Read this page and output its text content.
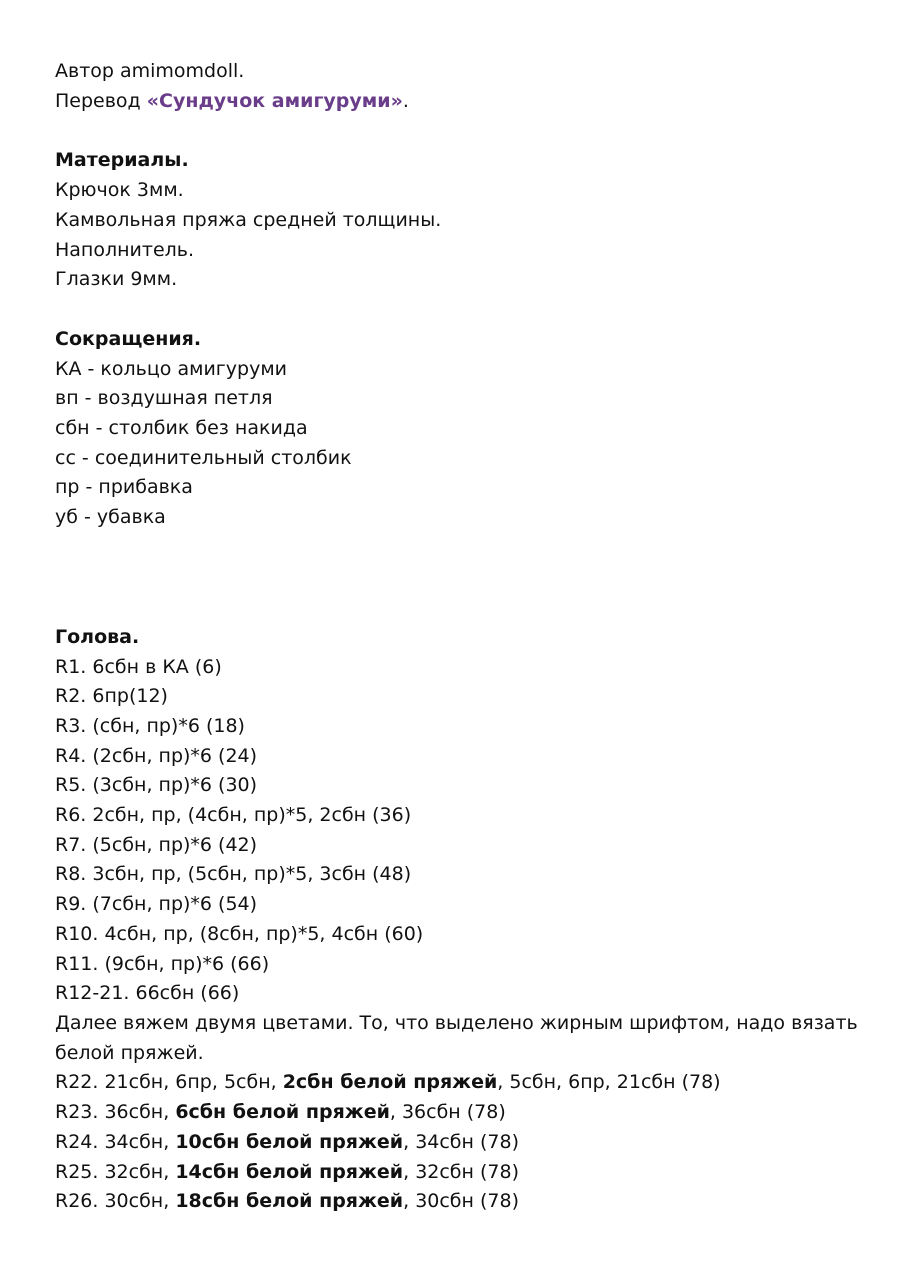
Автор amimomdoll.

Перевод «Сундучок амигуруми».

Материалы.

Крючок 3мм.

Камвольная пряжа средней толщины.

Наполнитель.

Глазки 9мм.

Сокращения.

КА - кольцо амигуруми

вп - воздушная петля

сбн - столбик без накида

сс - соединительный столбик

пр - прибавка

уб - убавка

Голова.

R1. 6сбн в КА (6)

R2. 6пр(12)

R3. (сбн, пр)*6 (18)

R4. (2сбн, пр)*6 (24)

R5. (3сбн, пр)*6 (30)

R6. 2сбн, пр, (4сбн, пр)*5, 2сбн (36)

R7. (5сбн, пр)*6 (42)

R8. 3сбн, пр, (5сбн, пр)*5, 3сбн (48)

R9. (7сбн, пр)*6 (54)

R10. 4сбн, пр, (8сбн, пр)*5, 4сбн (60)

R11. (9сбн, пр)*6 (66)

R12-21. 66сбн (66)

Далее вяжем двумя цветами. То, что выделено жирным шрифтом, надо вязать белой пряжей.

R22. 21сбн, 6пр, 5сбн, 2сбн белой пряжей, 5сбн, 6пр, 21сбн (78)

R23. 36сбн, 6сбн белой пряжей, 36сбн (78)

R24. 34сбн, 10сбн белой пряжей, 34сбн (78)

R25. 32сбн, 14сбн белой пряжей, 32сбн (78)

R26. 30сбн, 18сбн белой пряжей, 30сбн (78)
